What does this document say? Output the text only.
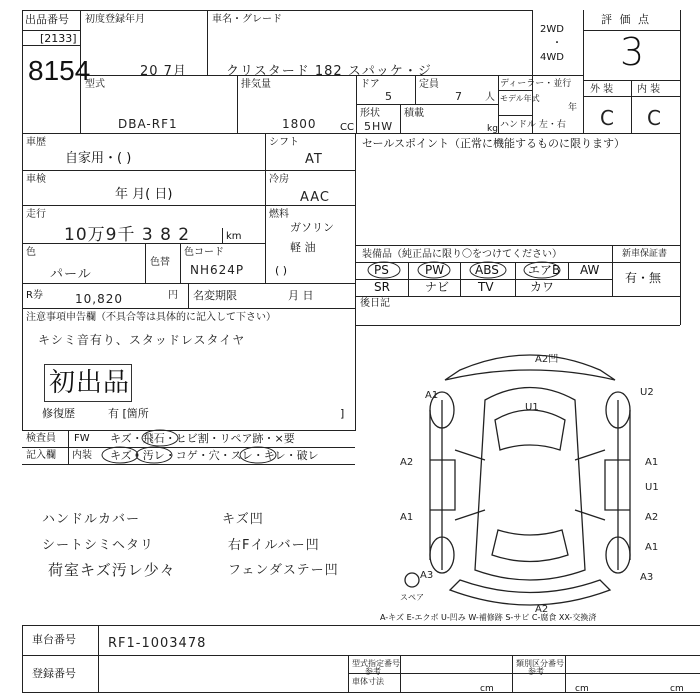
出品番号
[2133]
8154
初度登録年月	車名・グレード
20 7月	クリスタード 182 スパッケ・ジ
2WD
・
4WD
評 価 点
3
外 装 内 装
C C
型式
DBA-RF1
排気量
1800 CC
ドア
5
定員
7 人
ディーラー・並行
モデル年式
年
ハンドル 左・右
形状
5HW
積載
kg
車歴
自家用・( )
シフト
AT
車検
年 月( 日)
冷房
AAC
走行
10万9千 3 8 2	km
燃料
ガソリン
軽 油
( )
色
パール
色替
色コード
NH624P
R券	10,820	円 名変期限	月 日
セールスポイント（正常に機能するものに限ります）
装備品（純正品に限り〇をつけてください）	新車保証書
有・無
PS	PW	ABS エアB AW
SR	ナビ TV	カワ
後日記
注意事項申告欄（不具合等は具体的に記入して下さい）
キシミ音有り、スタッドレスタイヤ
初出品
修復歴	有 [箇所	]
検査員 FW キズ・飛石・ヒビ割・リペア跡・×要
記入欄 内装 キズ・汚レ・コゲ・穴・スレ・キレ・破レ
ハンドルカバー
シートシミヘタリ
荷室キズ汚レ少々
キズ凹
右Fイルバー凹
フェンダステー凹
A2凹
U1
A1	U2
A1
U1
A2
A1	A2
A1
A3
スペア
A2
A3
A-キズ E-エクボ U-凹み W-補修跡 S-サビ C-腐食 XX-交換済
車台番号 RF1-1003478
登録番号
型式指定番号
参考
類別区分番号
参考
車体寸法
cm	cm	cm
